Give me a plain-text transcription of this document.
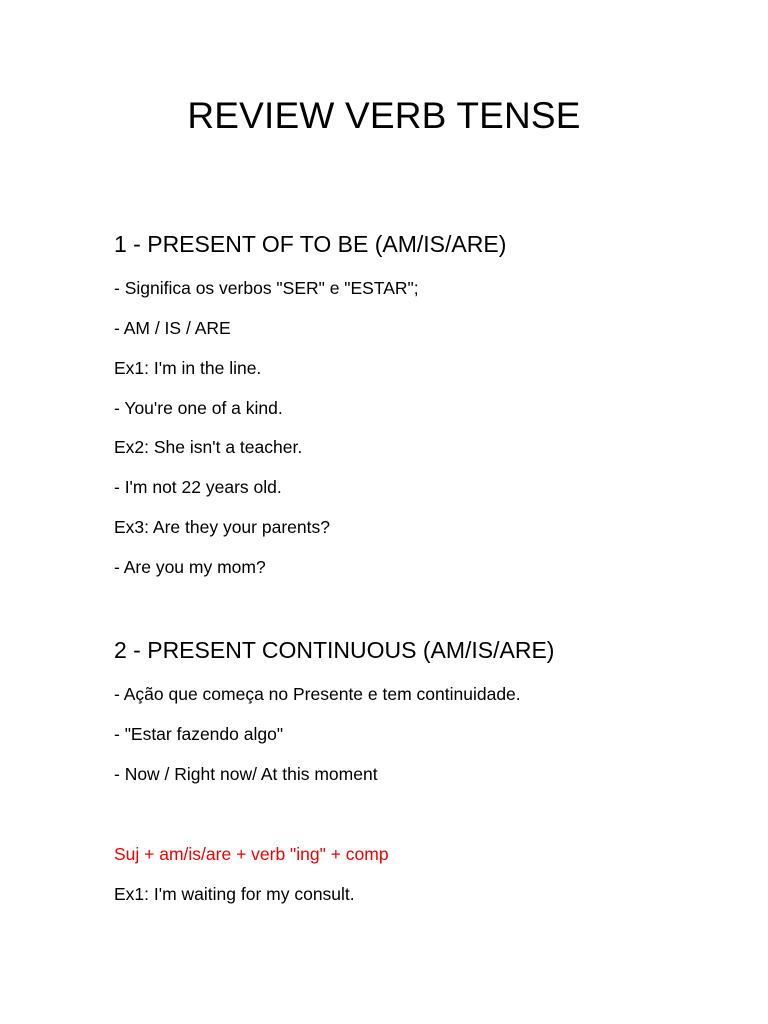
REVIEW VERB TENSE
1 - PRESENT OF TO BE (AM/IS/ARE)

- Significa os verbos "SER" e "ESTAR";

- AM / IS / ARE

Ex1: I'm in the line.

- You're one of a kind.

Ex2: She isn't a teacher.

- I'm not 22 years old.

Ex3: Are they your parents?

- Are you my mom?

2 - PRESENT CONTINUOUS (AM/IS/ARE)

- Ação que começa no Presente e tem continuidade.

- "Estar fazendo algo"

- Now / Right now/ At this moment

Suj + am/is/are + verb "ing" + comp

Ex1: I'm waiting for my consult.
